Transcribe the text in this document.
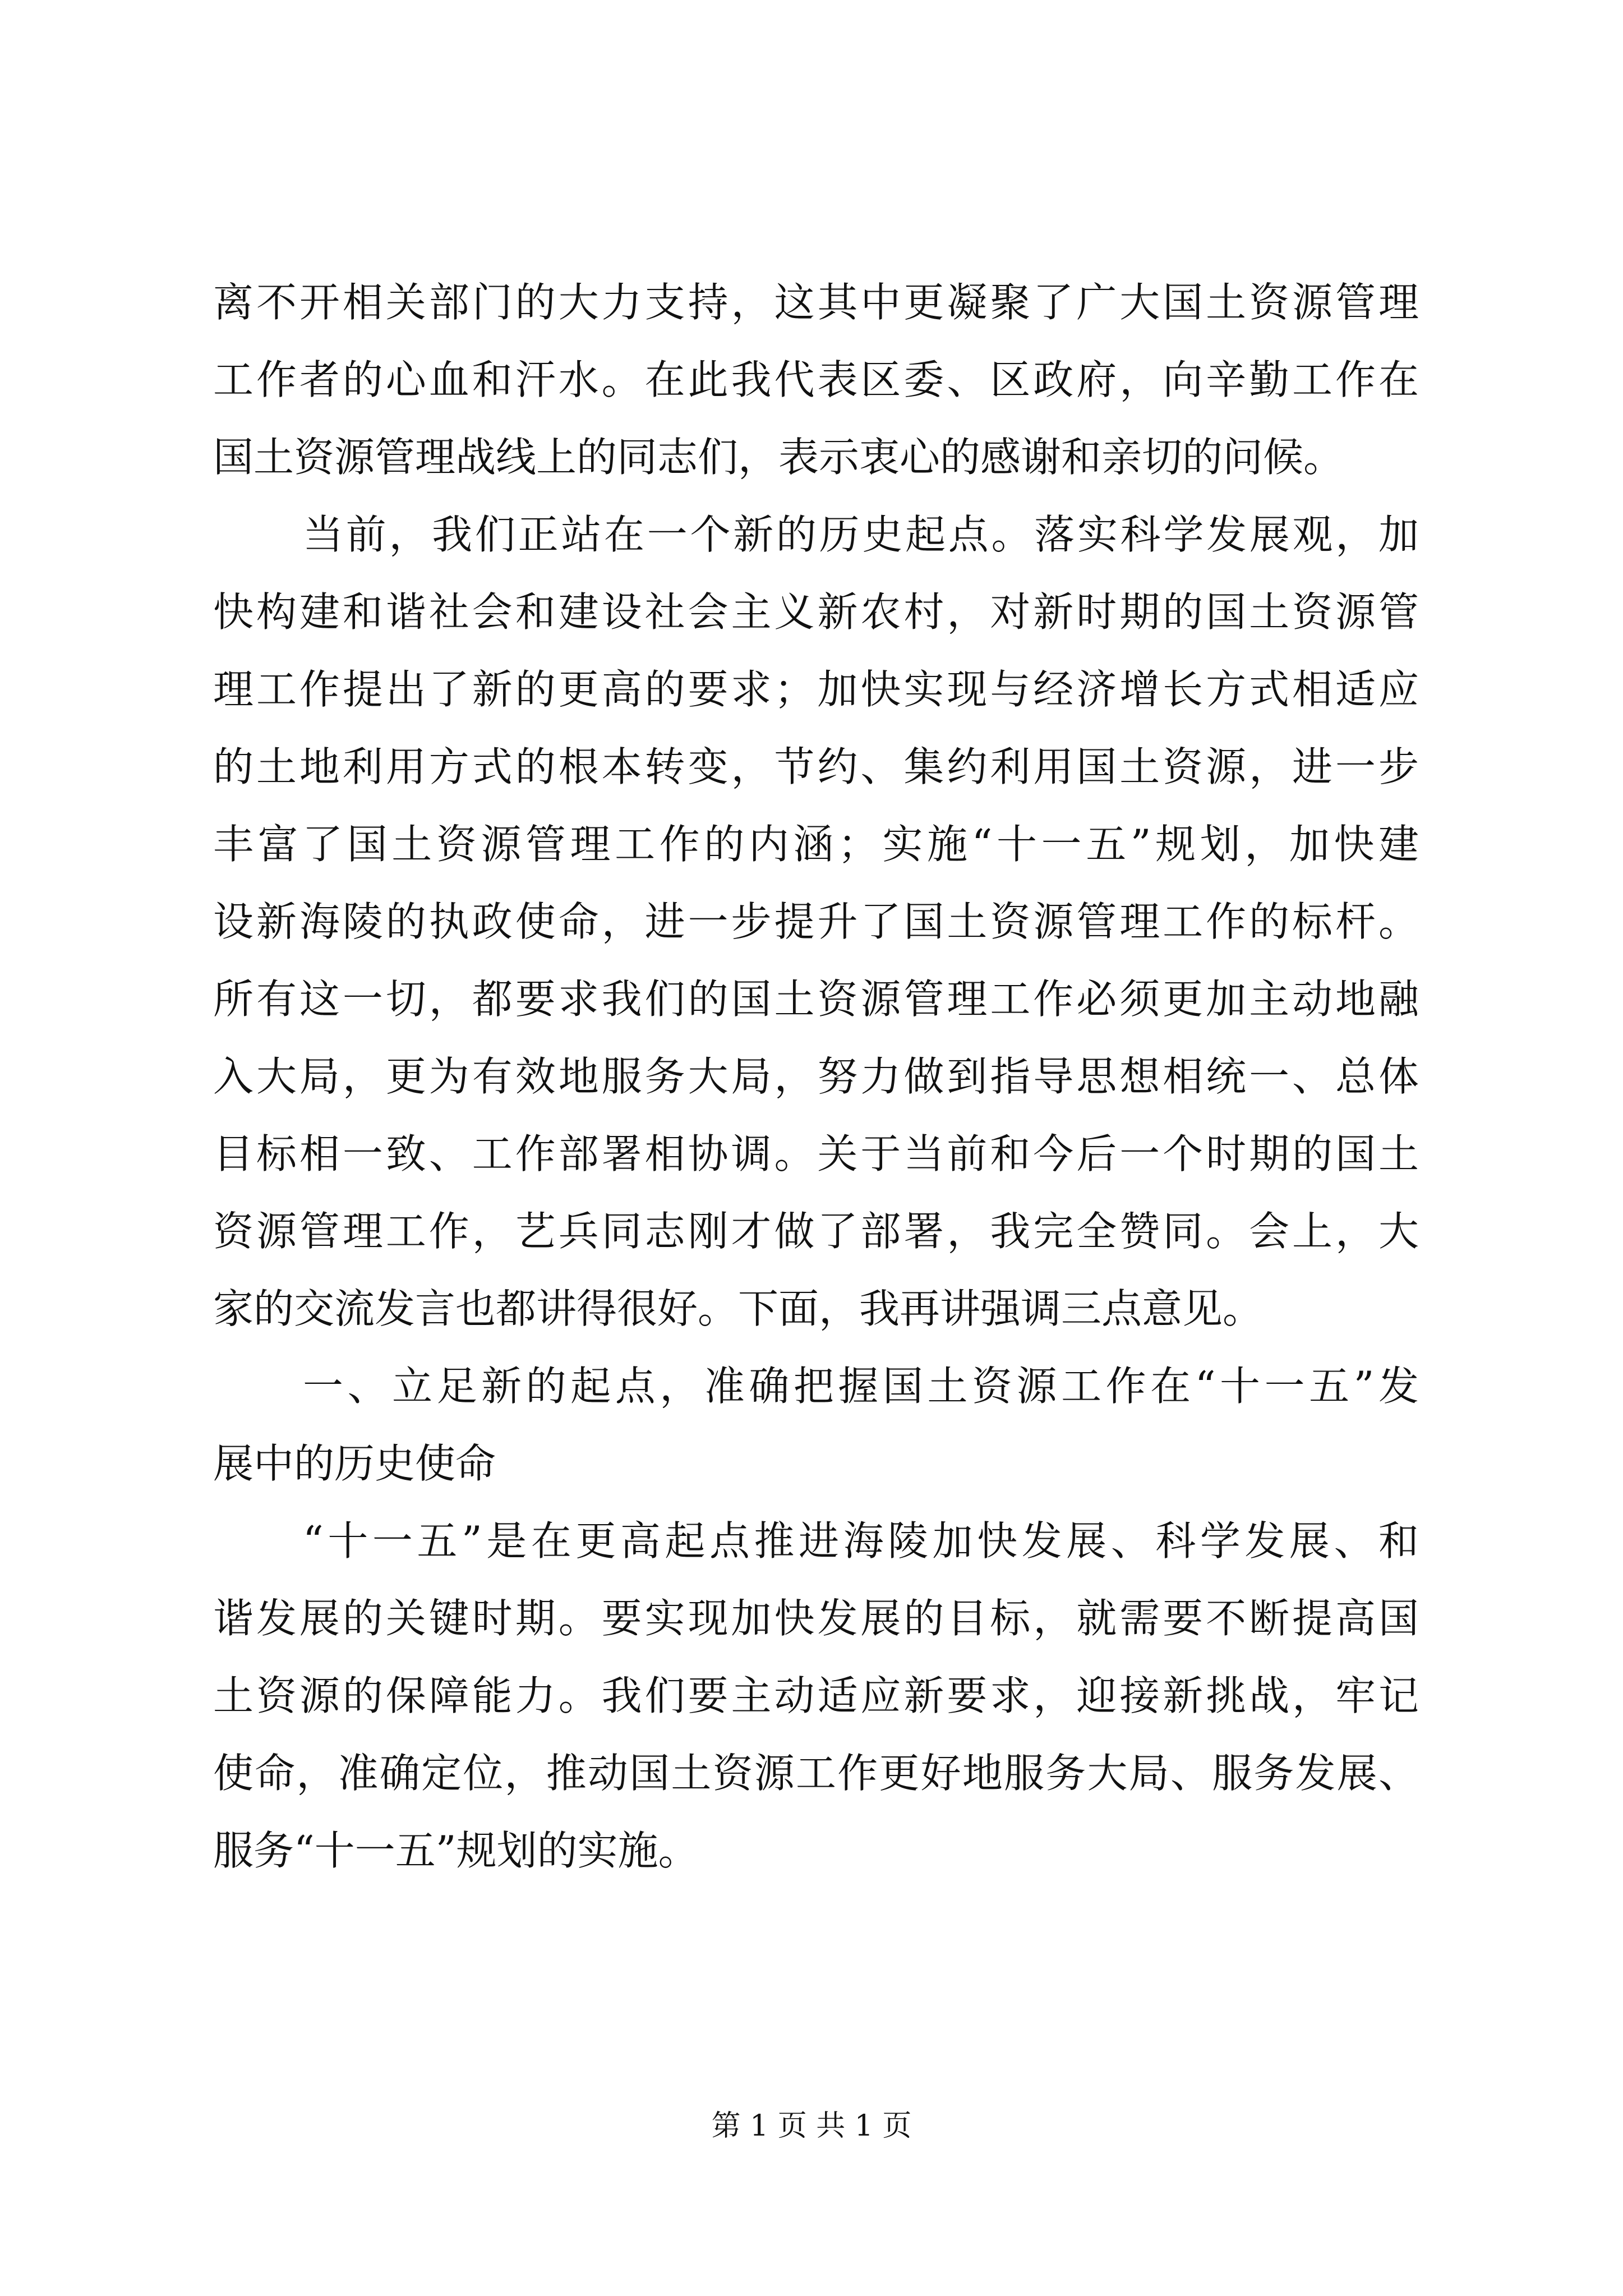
离不开相关部门的大力支持，这其中更凝聚了广大国土资源管理
工作者的心血和汗水。在此我代表区委、区政府，向辛勤工作在
国土资源管理战线上的同志们，表示衷心的感谢和亲切的问候。
当前，我们正站在一个新的历史起点。落实科学发展观，加
快构建和谐社会和建设社会主义新农村，对新时期的国土资源管
理工作提出了新的更高的要求；加快实现与经济增长方式相适应
的土地利用方式的根本转变，节约、集约利用国土资源，进一步
丰富了国土资源管理工作的内涵；实施“十一五”规划，加快建
设新海陵的执政使命，进一步提升了国土资源管理工作的标杆。
所有这一切，都要求我们的国土资源管理工作必须更加主动地融
入大局，更为有效地服务大局，努力做到指导思想相统一、总体
目标相一致、工作部署相协调。关于当前和今后一个时期的国土
资源管理工作，艺兵同志刚才做了部署，我完全赞同。会上，大
家的交流发言也都讲得很好。下面，我再讲强调三点意见。
一、立足新的起点，准确把握国土资源工作在“十一五”发
展中的历史使命
“十一五”是在更高起点推进海陵加快发展、科学发展、和
谐发展的关键时期。要实现加快发展的目标，就需要不断提高国
土资源的保障能力。我们要主动适应新要求，迎接新挑战，牢记
使命，准确定位，推动国土资源工作更好地服务大局、服务发展、
服务“十一五”规划的实施。
第 1 页 共 1 页
